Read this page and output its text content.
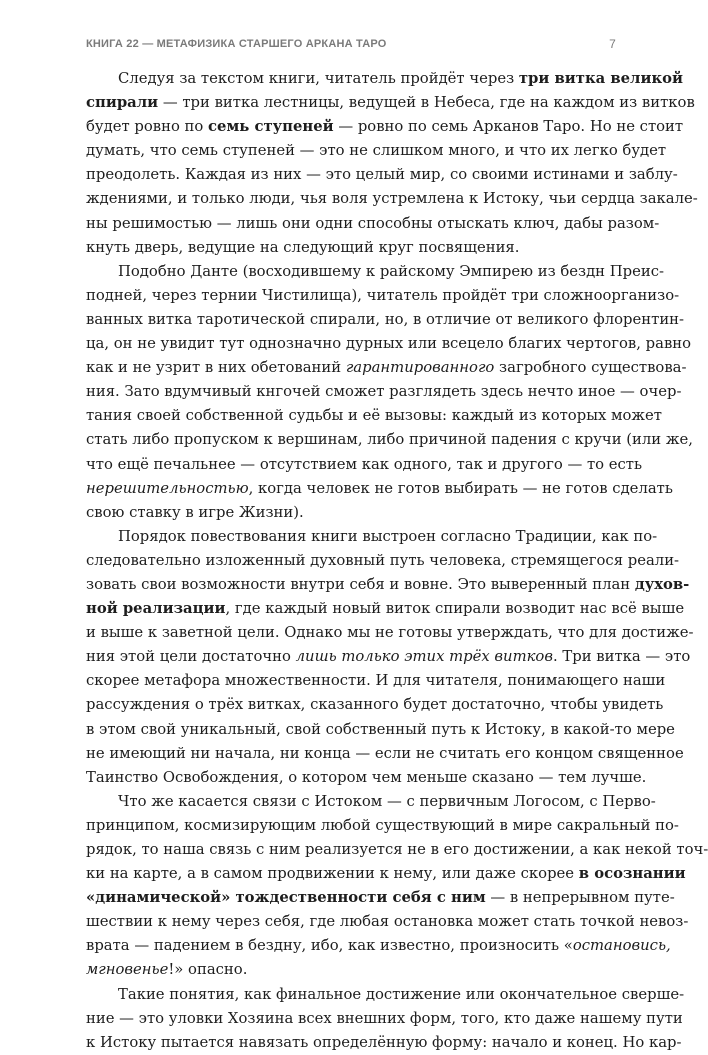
КНИГА 22 — МЕТАФИЗИКА СТАРШЕГО АРКАНА ТАРО	7
Следуя за текстом книги, читатель пройдёт через три витка великой
спирали — три витка лестницы, ведущей в Небеса, где на каждом из витков
будет ровно по семь ступеней — ровно по семь Арканов Таро. Но не стоит
думать, что семь ступеней — это не слишком много, и что их легко будет
преодолеть. Каждая из них — это целый мир, со своими истинами и заблу-
ждениями, и только люди, чья воля устремлена к Истоку, чьи сердца закале-
ны решимостью — лишь они одни способны отыскать ключ, дабы разом-
кнуть дверь, ведущие на следующий круг посвящения.
Подобно Данте (восходившему к райскому Эмпирею из бездн Преис-
подней, через тернии Чистилища), читатель пройдёт три сложноорганизо-
ванных витка таротической спирали, но, в отличие от великого флорентин-
ца, он не увидит тут однозначно дурных или всецело благих чертогов, равно
как и не узрит в них обетований гарантированного загробного существова-
ния. Зато вдумчивый кнгочей сможет разглядеть здесь нечто иное — очер-
тания своей собственной судьбы и её вызовы: каждый из которых может
стать либо пропуском к вершинам, либо причиной падения с кручи (или же,
что ещё печальнее — отсутствием как одного, так и другого — то есть
нерешительностью, когда человек не готов выбирать — не готов сделать
свою ставку в игре Жизни).
Порядок повествования книги выстроен согласно Традиции, как по-
следовательно изложенный духовный путь человека, стремящегося реали-
зовать свои возможности внутри себя и вовне. Это выверенный план духов-
ной реализации, где каждый новый виток спирали возводит нас всё выше
и выше к заветной цели. Однако мы не готовы утверждать, что для достиже-
ния этой цели достаточно лишь только этих трёх витков. Три витка — это
скорее метафора множественности. И для читателя, понимающего наши
рассуждения о трёх витках, сказанного будет достаточно, чтобы увидеть
в этом свой уникальный, свой собственный путь к Истоку, в какой-то мере
не имеющий ни начала, ни конца — если не считать его концом священное
Таинство Освобождения, о котором чем меньше сказано — тем лучше.
Что же касается связи с Истоком — с первичным Логосом, с Перво-
принципом, космизирующим любой существующий в мире сакральный по-
рядок, то наша связь с ним реализуется не в его достижении, а как некой точ-
ки на карте, а в самом продвижении к нему, или даже скорее в осознании
«динамической» тождественности себя с ним — в непрерывном путе-
шествии к нему через себя, где любая остановка может стать точкой невоз-
врата — падением в бездну, ибо, как известно, произносить «остановись,
мгновенье!» опасно.
Такие понятия, как финальное достижение или окончательное сверше-
ние — это уловки Хозяина всех внешних форм, того, кто даже нашему пути
к Истоку пытается навязать определённую форму: начало и конец. Но кар-
